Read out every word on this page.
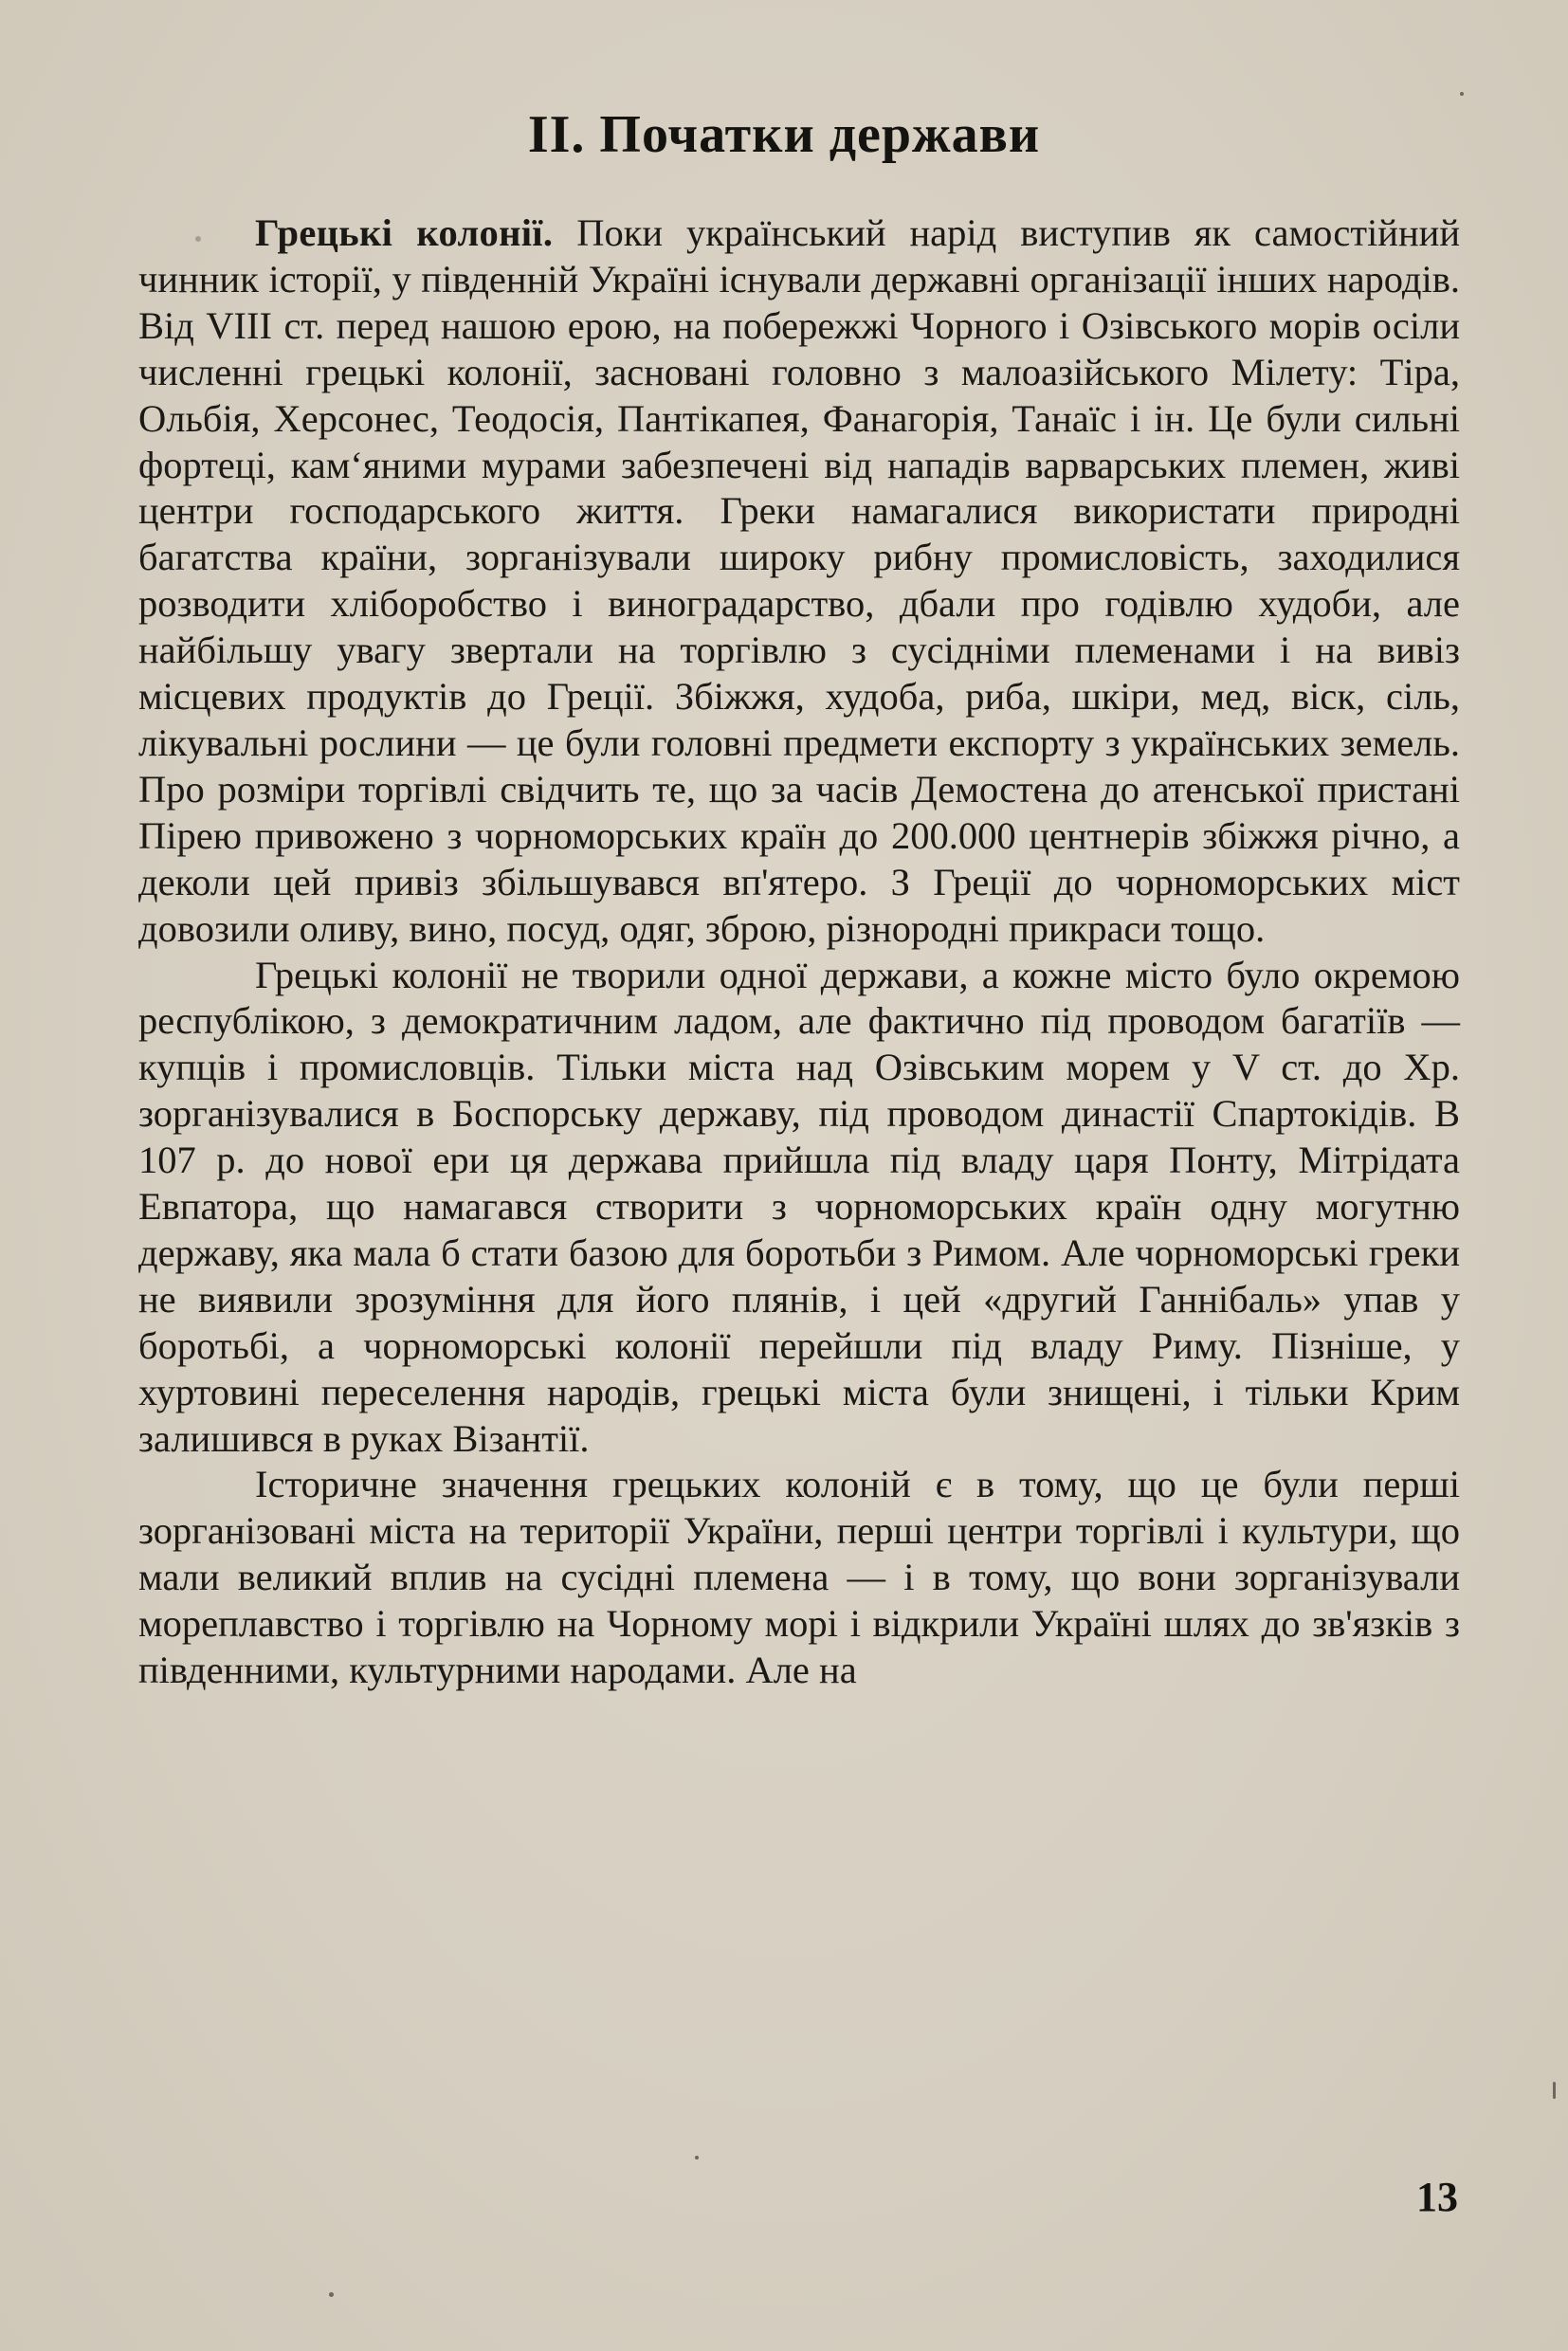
II. Початки держави

Грецькі колонії. Поки український нарід виступив як самостійний чинник історії, у південній Україні існували державні організації інших народів. Від VIII ст. перед нашою ерою, на побережжі Чорного і Озівського морів осіли численні грецькі колонії, засновані головно з малоазійського Мілету: Тіра, Ольбія, Херсонес, Теодосія, Пантікапея, Фанагорія, Танаїс і ін. Це були сильні фортеці, кам‘яними мурами забезпечені від нападів варварських племен, живі центри господарського життя. Греки намагалися використати природні багатства країни, зорганізували широку рибну промисловість, заходилися розводити хліборобство і виноградарство, дбали про годівлю худоби, але найбільшу увагу звертали на торгівлю з сусідніми племенами і на вивіз місцевих продуктів до Греції. Збіжжя, худоба, риба, шкіри, мед, віск, сіль, лікувальні рослини — це були головні предмети експорту з українських земель. Про розміри торгівлі свідчить те, що за часів Демостена до атенської пристані Пірею привожено з чорноморських країн до 200.000 центнерів збіжжя річно, а деколи цей привіз збільшувався вп'ятеро. З Греції до чорноморських міст довозили оливу, вино, посуд, одяг, зброю, різнородні прикраси тощо.

Грецькі колонії не творили одної держави, а кожне місто було окремою республікою, з демократичним ладом, але фактично під проводом багатіїв — купців і промисловців. Тільки міста над Озівським морем у V ст. до Хр. зорганізувалися в Боспорську державу, під проводом династії Спартокідів. В 107 р. до нової ери ця держава прийшла під владу царя Понту, Мітрідата Евпатора, що намагався створити з чорноморських країн одну могутню державу, яка мала б стати базою для боротьби з Римом. Але чорноморські греки не виявили зрозуміння для його плянів, і цей «другий Ганнібаль» упав у боротьбі, а чорноморські колонії перейшли під владу Риму. Пізніше, у хуртовині переселення народів, грецькі міста були знищені, і тільки Крим залишився в руках Візантії.

Історичне значення грецьких колоній є в тому, що це були перші зорганізовані міста на території України, перші центри торгівлі і культури, що мали великий вплив на сусідні племена — і в тому, що вони зорганізували мореплавство і торгівлю на Чорному морі і відкрили Україні шлях до зв'язків з південними, культурними народами. Але на

13
